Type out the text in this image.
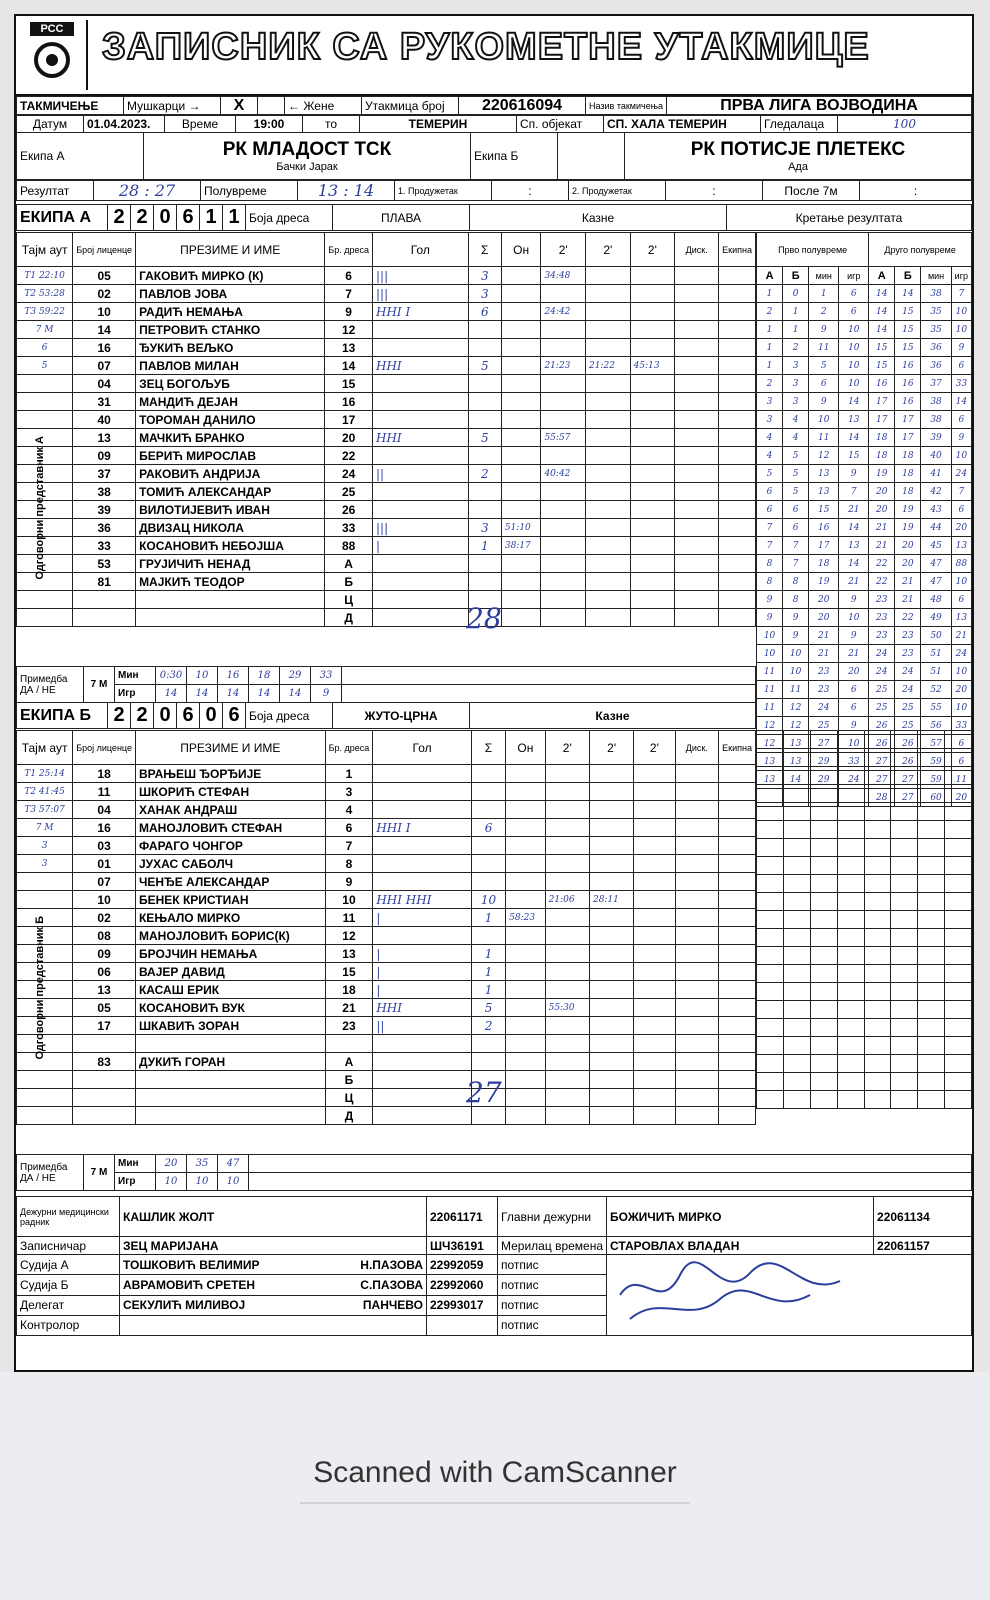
РСС ЗАПИСНИК СА РУКОМЕТНЕ УТАКМИЦЕ
ТАКМИЧЕЊЕ	Мушкарци →	X		← Жене	Утакмица број	220616094	Назив такмичења	ПРВА ЛИГА ВОЈВОДИНА
Датум	01.04.2023.	Време	19:00	то	ТЕМЕРИН	Сп. објекат	СП. ХАЛА ТЕМЕРИН	Гледалаца	100
Екипа А	РК МЛАДОСТ ТСК
Бачки Јарак
	Екипа Б		РК ПОТИСЈЕ ПЛЕТЕКС
Ада
Резултат	28 : 27	Полувреме	13 : 14	1. Продужетак	:	2. Продужетак	:	После 7м	:
ЕКИПА А	2	2	0	6	1	1	Боја дреса	ПЛАВА	Казне	Кретање резултата
Тајм аут	Број лиценце	ПРЕЗИМЕ И ИМЕ	Бр. дреса	Гол	Σ	Он	2'	2'	2'	Диск.	Екипна
T1 22:10	05	ГАКОВИЋ МИРКО (К)	6	|||	3		34:48				
T2 53:28	02	ПАВЛОВ ЈОВА	7	|||	3						
T3 59:22	10	РАДИЋ НЕМАЊА	9	HHI I	6		24:42				
7 M	14	ПЕТРОВИЋ СТАНКО	12								
6	16	ЂУКИЋ ВЕЉКО	13								
5	07	ПАВЛОВ МИЛАН	14	HHI	5		21:23	21:22	45:13		
	04	ЗЕЦ БОГОЉУБ	15								
	31	МАНДИЋ ДЕЈАН	16								
	40	ТОРОМАН ДАНИЛО	17								
	13	МАЧКИЋ БРАНКО	20	HHI	5		55:57				
	09	БЕРИЋ МИРОСЛАВ	22								
	37	РАКОВИЋ АНДРИЈА	24	||	2		40:42				
	38	ТОМИЋ АЛЕКСАНДАР	25								
	39	ВИЛОТИЈЕВИЋ ИВАН	26								
	36	ДВИЗАЦ НИКОЛА	33	|||	3	51:10					
	33	КОСАНОВИЋ НЕБОЈША	88	|	1	38:17					
	53	ГРУЈИЧИЋ НЕНАД	А								
	81	МАЈКИЋ ТЕОДОР	Б								
			Ц								
			Д								
Прво полувреме				Друго полувреме			
А	Б	мин	игр	А	Б	мин	игр
1	0	1	6	14	14	38	7
2	1	2	6	14	15	35	10
1	1	9	10	14	15	35	10
1	2	11	10	15	15	36	9
1	3	5	10	15	16	36	6
2	3	6	10	16	16	37	33
3	3	9	14	17	16	38	14
3	4	10	13	17	17	38	6
4	4	11	14	18	17	39	9
4	5	12	15	18	18	40	10
5	5	13	9	19	18	41	24
6	5	13	7	20	18	42	7
6	6	15	21	20	19	43	6
7	6	16	14	21	19	44	20
7	7	17	13	21	20	45	13
8	7	18	14	22	20	47	88
8	8	19	21	22	21	47	10
9	8	20	9	23	21	48	6
9	9	20	10	23	22	49	13
10	9	21	9	23	23	50	21
10	10	21	21	24	23	51	24
11	10	23	20	24	24	51	10
11	11	23	6	25	24	52	20
11	12	24	6	25	25	55	10
12	12	25	9	26	25	56	33
12	13	27	10	26	26	57	6
13	13	29	33	27	26	59	6
13	14	29	24	27	27	59	11
				28	27	60	20
Одговорни представник А
28
Примедба
ДА / НЕ	7 М	Мин	0:30	10	16	18	29	33	
		Игр	14	14	14	14	14	9	
ЕКИПА Б	2	2	0	6	0	6	Боја дреса	ЖУТО-ЦРНА	Казне
Тајм аут	Број лиценце	ПРЕЗИМЕ И ИМЕ	Бр. дреса	Гол	Σ	Он	2'	2'	2'	Диск.	Екипна
T1 25:14	18	ВРАЊЕШ ЂОРЂИЈЕ	1								
T2 41:45	11	ШКОРИЋ СТЕФАН	3								
T3 57:07	04	ХАНАК АНДРАШ	4								
7 M	16	МАНОЈЛОВИЋ СТЕФАН	6	HHI I	6						
3	03	ФАРАГО ЧОНГОР	7								
3	01	ЈУХАС САБОЛЧ	8								
	07	ЧЕНЂЕ АЛЕКСАНДАР	9								
	10	БЕНЕК КРИСТИАН	10	HHI HHI	10		21:06	28:11			
	02	КЕЊАЛО МИРКО	11	|	1	58:23					
	08	МАНОЈЛОВИЋ БОРИС(К)	12								
	09	БРОЈЧИН НЕМАЊА	13	|	1						
	06	ВАЈЕР ДАВИД	15	|	1						
	13	КАСАШ ЕРИК	18	|	1						
	05	КОСАНОВИЋ ВУК	21	HHI	5		55:30				
	17	ШКАВИЋ ЗОРАН	23	||	2						

	83	ДУКИЋ ГОРАН	А								
			Б								
			Ц								
			Д								

Одговорни представник Б
27
Примедба
ДА / НЕ	7 М	Мин	20	35	47	
		Игр	10	10	10	
Дежурни медицински радник	КАШЛИК ЖОЛТ	22061171	Главни дежурни	БОЖИЧИЋ МИРКО	22061134
Записничар	ЗЕЦ МАРИЈАНА	ШЧ36191	Мерилац времена	СТАРОВЛАХ ВЛАДАН	22061157
Судија А	ТОШКОВИЋ ВЕЛИМИР Н.ПАЗОВА	22992059	потпис	
Судија Б	АВРАМОВИЋ СРЕТЕН С.ПАЗОВА	22992060	потпис		
Делегат	СЕКУЛИЋ МИЛИВОЈ ПАНЧЕВО	22993017	потпис		
Контролор			потпис		
Scanned with CamScanner
